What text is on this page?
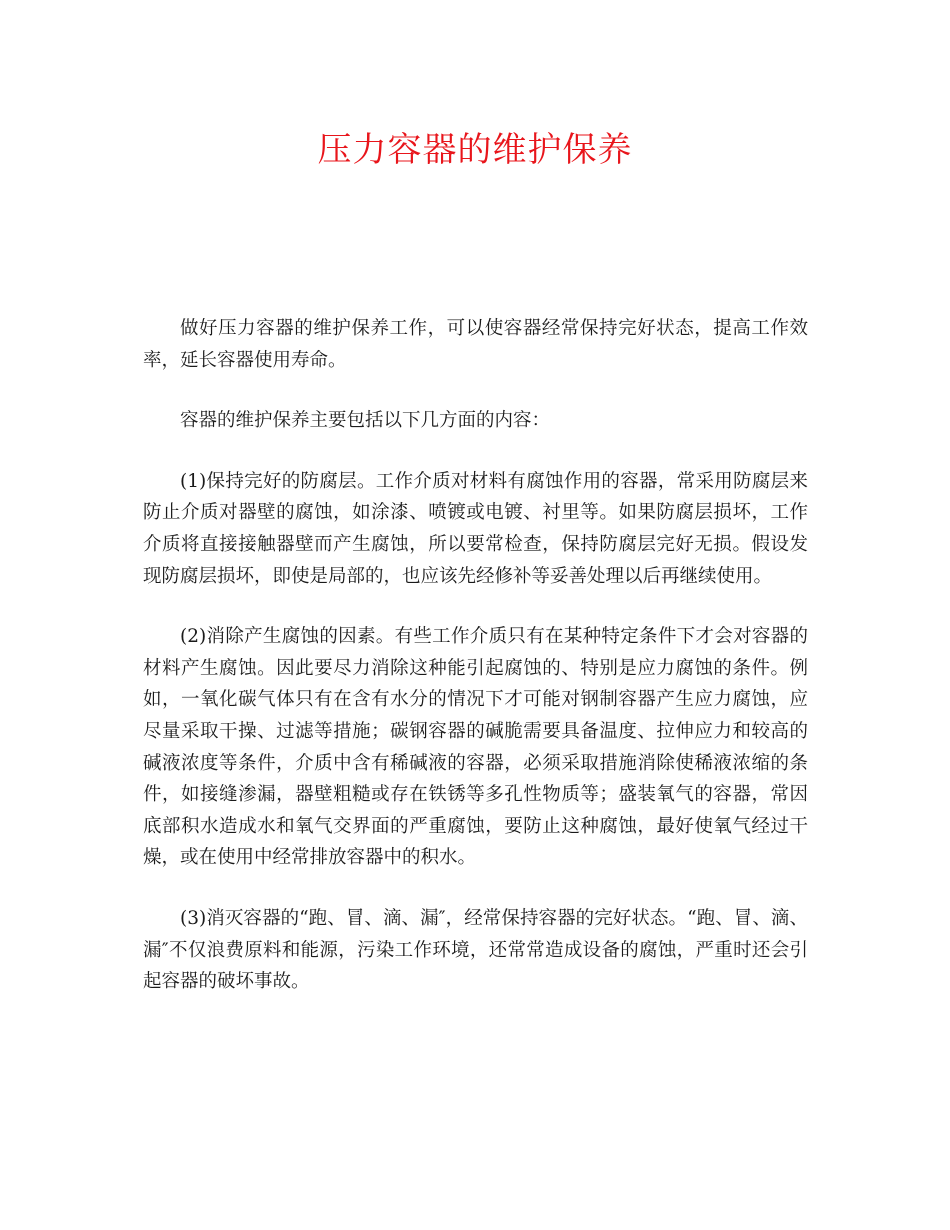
压力容器的维护保养

做好压力容器的维护保养工作，可以使容器经常保持完好状态，提高工作效率，延长容器使用寿命。

容器的维护保养主要包括以下几方面的内容：

(1)保持完好的防腐层。工作介质对材料有腐蚀作用的容器，常采用防腐层来防止介质对器壁的腐蚀，如涂漆、喷镀或电镀、衬里等。如果防腐层损坏，工作介质将直接接触器壁而产生腐蚀，所以要常检查，保持防腐层完好无损。假设发现防腐层损坏，即使是局部的，也应该先经修补等妥善处理以后再继续使用。

(2)消除产生腐蚀的因素。有些工作介质只有在某种特定条件下才会对容器的材料产生腐蚀。因此要尽力消除这种能引起腐蚀的、特别是应力腐蚀的条件。例如，一氧化碳气体只有在含有水分的情况下才可能对钢制容器产生应力腐蚀，应尽量采取干操、过滤等措施；碳钢容器的碱脆需要具备温度、拉伸应力和较高的碱液浓度等条件，介质中含有稀碱液的容器，必须采取措施消除使稀液浓缩的条件，如接缝渗漏，器壁粗糙或存在铁锈等多孔性物质等；盛装氧气的容器，常因底部积水造成水和氧气交界面的严重腐蚀，要防止这种腐蚀，最好使氧气经过干燥，或在使用中经常排放容器中的积水。

(3)消灭容器的“跑、冒、滴、漏″，经常保持容器的完好状态。“跑、冒、滴、漏″不仅浪费原料和能源，污染工作环境，还常常造成设备的腐蚀，严重时还会引起容器的破坏事故。
